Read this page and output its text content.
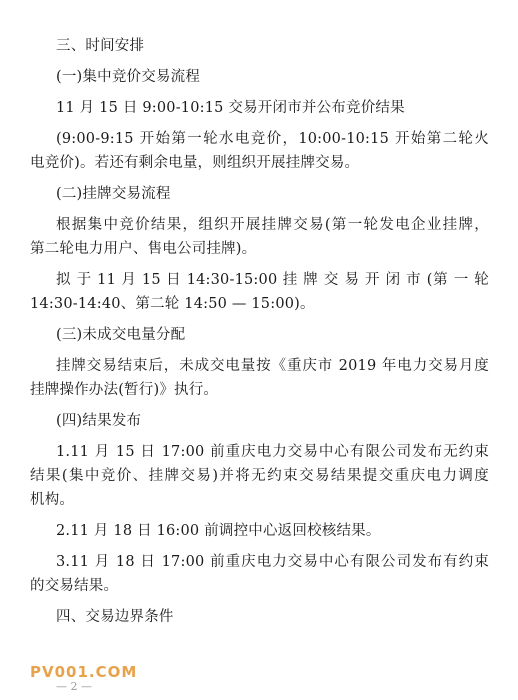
三、时间安排
(一)集中竞价交易流程
11 月 15 日 9:00-10:15 交易开闭市并公布竞价结果
(9:00-9:15 开始第一轮水电竞价，10:00-10:15 开始第二轮火
电竞价)。若还有剩余电量，则组织开展挂牌交易。
(二)挂牌交易流程
根据集中竞价结果，组织开展挂牌交易(第一轮发电企业挂牌，
第二轮电力用户、售电公司挂牌)。
拟 于 11 月 15 日 14:30-15:00 挂 牌 交 易 开 闭 市 (第 一 轮
14:30-14:40、第二轮 14:50 — 15:00)。
(三)未成交电量分配
挂牌交易结束后，未成交电量按《重庆市 2019 年电力交易月度
挂牌操作办法(暂行)》执行。
(四)结果发布
1.11 月 15 日 17:00 前重庆电力交易中心有限公司发布无约束
结果(集中竞价、挂牌交易)并将无约束交易结果提交重庆电力调度
机构。
2.11 月 18 日 16:00 前调控中心返回校核结果。
3.11 月 18 日 17:00 前重庆电力交易中心有限公司发布有约束
的交易结果。
四、交易边界条件
— 2 —
PV001.COM
